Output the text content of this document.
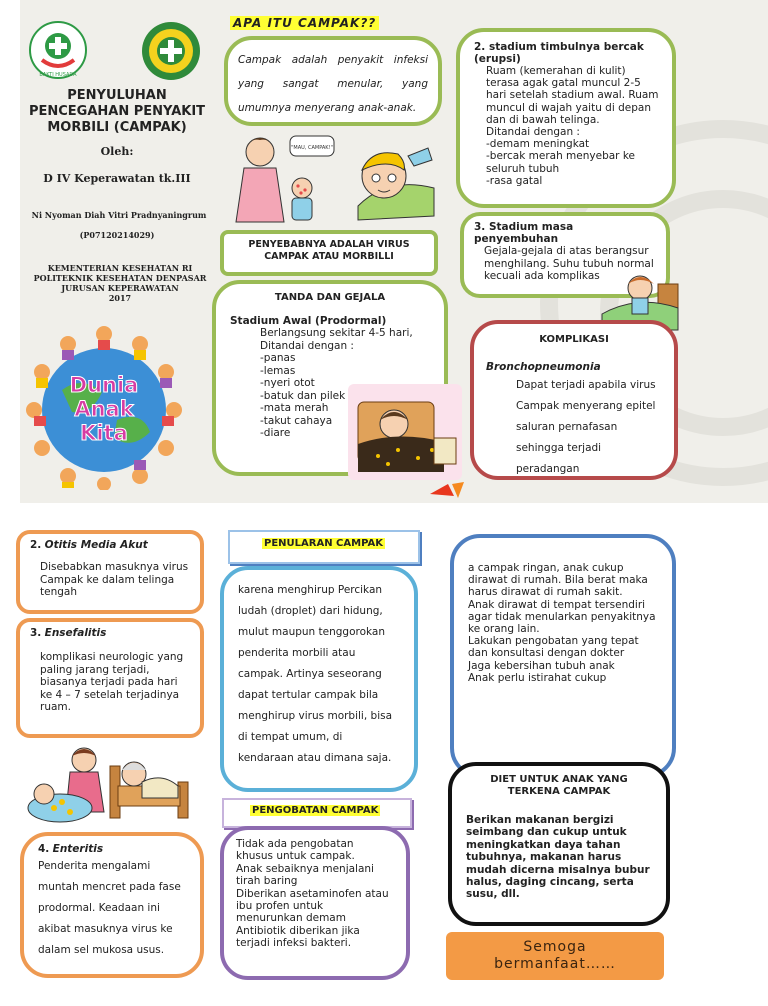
BAKTI HUSADA
PENYULUHAN PENCEGAHAN PENYAKIT MORBILI (CAMPAK)
Oleh:
D IV Keperawatan tk.III
Ni Nyoman Diah Vitri Pradnyaningrum
(P07120214029)
KEMENTERIAN KESEHATAN RI
POLITEKNIK KESEHATAN DENPASAR
JURUSAN KEPERAWATAN
2017
Dunia
Anak
Kita
APA ITU CAMPAK??
Campak adalah penyakit infeksi yang sangat menular, yang umumnya menyerang anak-anak.
"MAU, CAMPAK!"
PENYEBABNYA ADALAH VIRUS CAMPAK ATAU MORBILLI
TANDA DAN GEJALA
Stadium Awal (Prodormal)
Berlangsung sekitar 4-5 hari,
Ditandai dengan :
-panas
-lemas
-nyeri otot
-batuk dan pilek
-mata merah
-takut cahaya
-diare
2. stadium timbulnya bercak (erupsi)
Ruam (kemerahan di kulit)
terasa agak gatal muncul 2-5
hari setelah stadium awal. Ruam
muncul di wajah yaitu di depan
dan di bawah telinga.
Ditandai dengan :
-demam meningkat
-bercak merah menyebar ke
seluruh tubuh
-rasa gatal
3. Stadium masa penyembuhan
Gejala-gejala di atas berangsur
menghilang. Suhu tubuh normal
kecuali ada komplikas
KOMPLIKASI
Bronchopneumonia
Dapat terjadi apabila virus
Campak menyerang epitel
saluran pernafasan
sehingga terjadi
peradangan
2. Otitis Media Akut
Disebabkan masuknya virus
Campak ke dalam telinga
tengah
3. Ensefalitis
komplikasi neurologic yang
paling jarang terjadi,
biasanya terjadi pada hari
ke 4 – 7 setelah terjadinya
ruam.
4. Enteritis
Penderita mengalami
muntah mencret pada fase
prodormal. Keadaan ini
akibat masuknya virus ke
dalam sel mukosa usus.
PENULARAN CAMPAK
karena menghirup Percikan
ludah (droplet) dari hidung,
mulut maupun tenggorokan
penderita morbili atau
campak. Artinya seseorang
dapat tertular campak bila
menghirup virus morbili, bisa
di tempat umum, di
kendaraan atau dimana saja.
PENGOBATAN CAMPAK
Tidak ada pengobatan
khusus untuk campak.
Anak sebaiknya menjalani
tirah baring
Diberikan asetaminofen atau
ibu profen untuk
menurunkan demam
Antibiotik diberikan jika
terjadi infeksi bakteri.
a campak ringan, anak cukup
dirawat di rumah. Bila berat maka
harus dirawat di rumah sakit.
Anak dirawat di tempat tersendiri
agar tidak menularkan penyakitnya
ke orang lain.
Lakukan pengobatan yang tepat
dan konsultasi dengan dokter
Jaga kebersihan tubuh anak
Anak perlu istirahat cukup
DIET UNTUK ANAK YANG TERKENA CAMPAK
Berikan makanan bergizi
seimbang dan cukup untuk
meningkatkan daya tahan
tubuhnya, makanan harus
mudah dicerna misalnya bubur
halus, daging cincang, serta
susu, dll.
Semoga bermanfaat……
